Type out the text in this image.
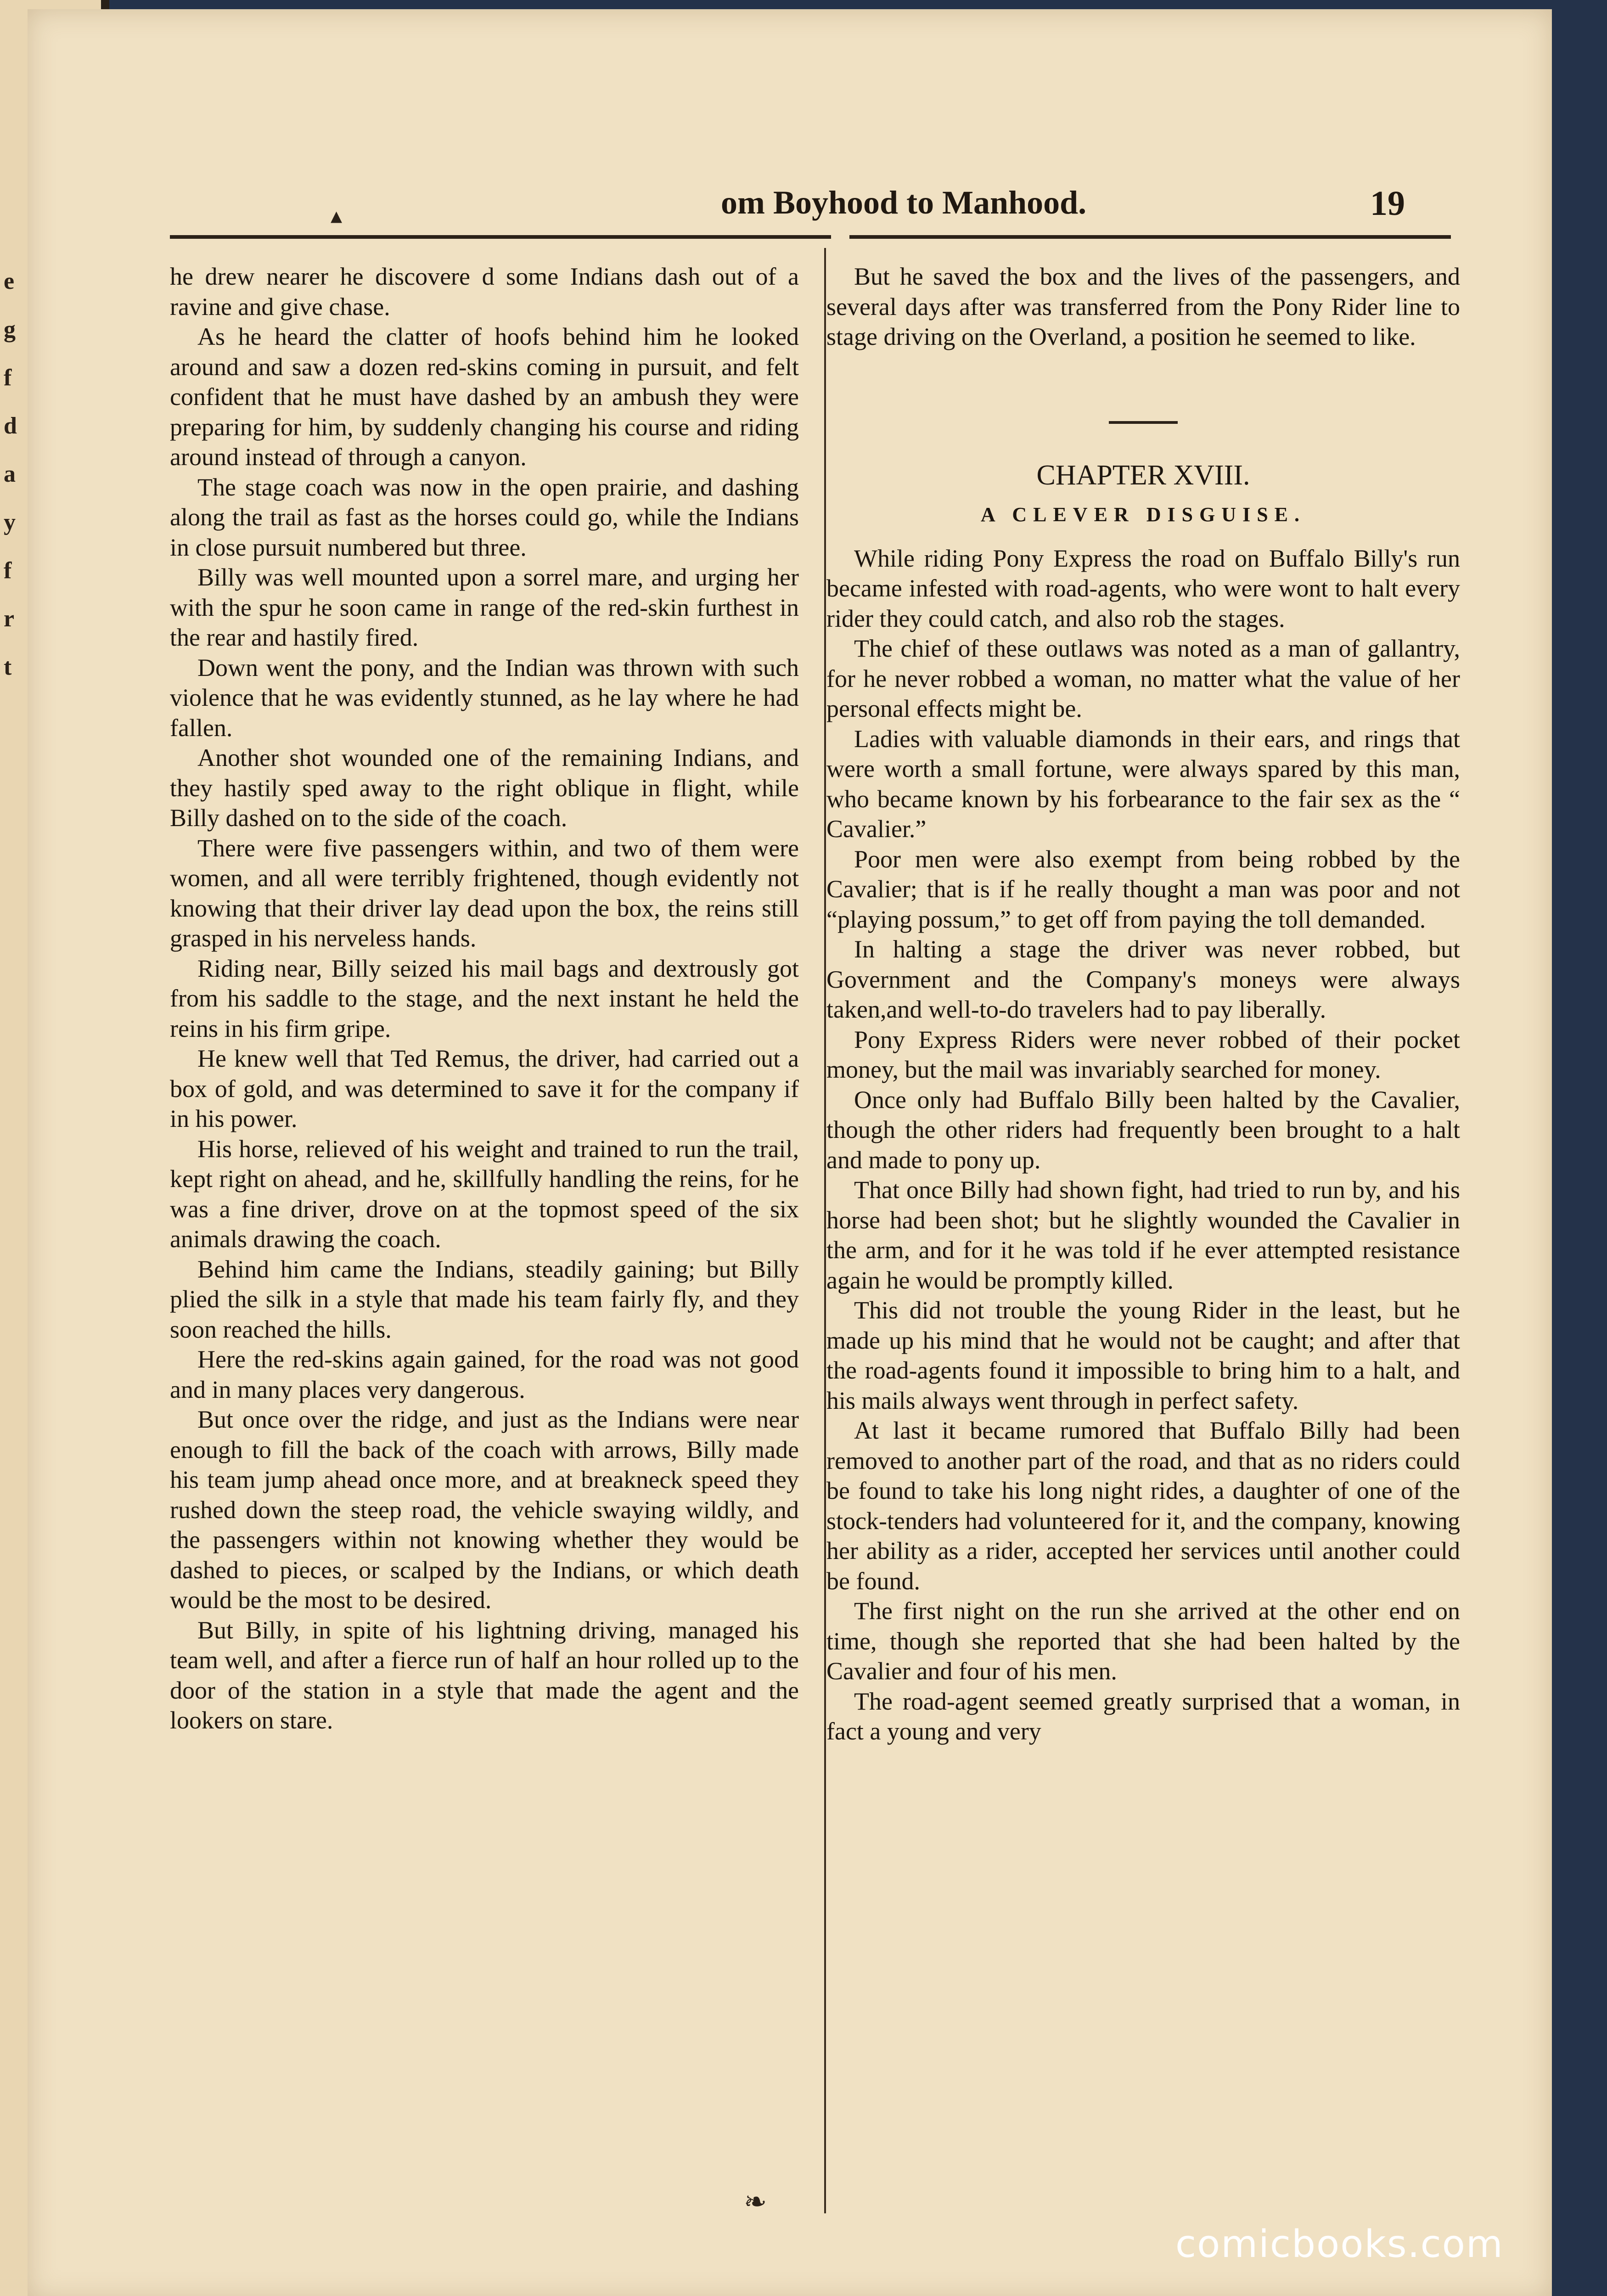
e
g
f
d
a
y
f
r
t
▴	om Boyhood to Manhood.	19

he drew nearer he discovere d some Indians dash out of a ravine and give chase.

As he heard the clatter of hoofs behind him he looked around and saw a dozen red-skins coming in pursuit, and felt confident that he must have dashed by an ambush they were preparing for him, by suddenly changing his course and riding around instead of through a canyon.

The stage coach was now in the open prairie, and dashing along the trail as fast as the horses could go, while the Indians in close pursuit numbered but three.

Billy was well mounted upon a sorrel mare, and urging her with the spur he soon came in range of the red-skin furthest in the rear and hastily fired.

Down went the pony, and the Indian was thrown with such violence that he was evidently stunned, as he lay where he had fallen.

Another shot wounded one of the remaining Indians, and they hastily sped away to the right oblique in flight, while Billy dashed on to the side of the coach.

There were five passengers within, and two of them were women, and all were terribly frightened, though evidently not knowing that their driver lay dead upon the box, the reins still grasped in his nerveless hands.

Riding near, Billy seized his mail bags and dextrously got from his saddle to the stage, and the next instant he held the reins in his firm gripe.

He knew well that Ted Remus, the driver, had carried out a box of gold, and was determined to save it for the company if in his power.

His horse, relieved of his weight and trained to run the trail, kept right on ahead, and he, skillfully handling the reins, for he was a fine driver, drove on at the topmost speed of the six animals drawing the coach.

Behind him came the Indians, steadily gaining; but Billy plied the silk in a style that made his team fairly fly, and they soon reached the hills.

Here the red-skins again gained, for the road was not good and in many places very dangerous.

But once over the ridge, and just as the Indians were near enough to fill the back of the coach with arrows, Billy made his team jump ahead once more, and at breakneck speed they rushed down the steep road, the vehicle swaying wildly, and the passengers within not knowing whether they would be dashed to pieces, or scalped by the Indians, or which death would be the most to be desired.

But Billy, in spite of his lightning driving, managed his team well, and after a fierce run of half an hour rolled up to the door of the station in a style that made the agent and the lookers on stare.

But he saved the box and the lives of the passengers, and several days after was transferred from the Pony Rider line to stage driving on the Overland, a position he seemed to like.

CHAPTER XVIII.

A CLEVER DISGUISE.

While riding Pony Express the road on Buffalo Billy's run became infested with road-agents, who were wont to halt every rider they could catch, and also rob the stages.

The chief of these outlaws was noted as a man of gallantry, for he never robbed a woman, no matter what the value of her personal effects might be.

Ladies with valuable diamonds in their ears, and rings that were worth a small fortune, were always spared by this man, who became known by his forbearance to the fair sex as the “ Cavalier.”

Poor men were also exempt from being robbed by the Cavalier; that is if he really thought a man was poor and not “playing possum,” to get off from paying the toll demanded.

In halting a stage the driver was never robbed, but Government and the Company's moneys were always taken,and well-to-do travelers had to pay liberally.

Pony Express Riders were never robbed of their pocket money, but the mail was invariably searched for money.

Once only had Buffalo Billy been halted by the Cavalier, though the other riders had frequently been brought to a halt and made to pony up.

That once Billy had shown fight, had tried to run by, and his horse had been shot; but he slightly wounded the Cavalier in the arm, and for it he was told if he ever attempted resistance again he would be promptly killed.

This did not trouble the young Rider in the least, but he made up his mind that he would not be caught; and after that the road-agents found it impossible to bring him to a halt, and his mails always went through in perfect safety.

At last it became rumored that Buffalo Billy had been removed to another part of the road, and that as no riders could be found to take his long night rides, a daughter of one of the stock-tenders had volunteered for it, and the company, knowing her ability as a rider, accepted her services until another could be found.

The first night on the run she arrived at the other end on time, though she reported that she had been halted by the Cavalier and four of his men.

The road-agent seemed greatly surprised that a woman, in fact a young and very

❧
comicbooks.com
